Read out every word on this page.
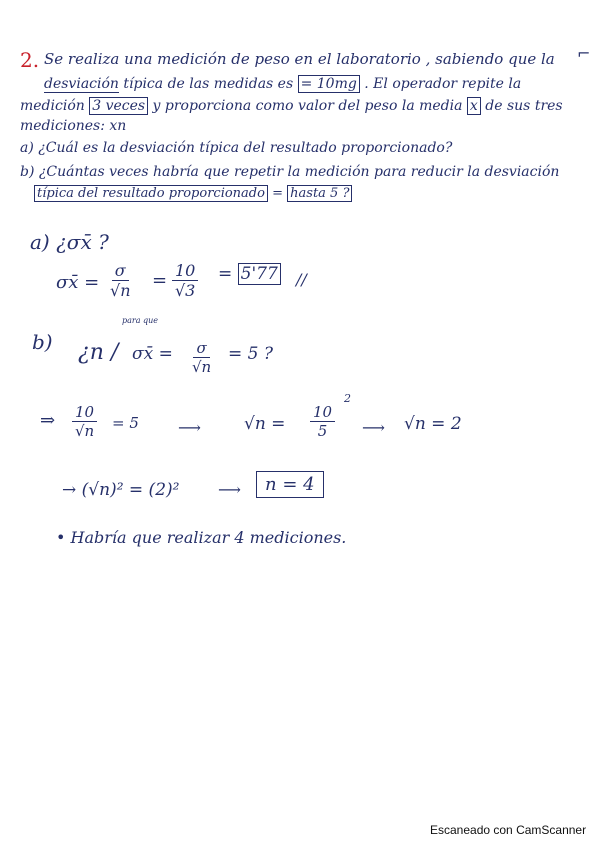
2. Se realiza una medición de peso en el laboratorio , sabiendo que la ⌐
desviación típica de las medidas es = 10mg . El operador repite la
medición 3 veces y proporciona como valor del peso la media $\overline{x}$ de sus tres
mediciones: xn
a) ¿Cuál es la desviación típica del resultado proporcionado?
b) ¿Cuántas veces habría que repetir la medición para reducir la desviación
típica del resultado proporcionado = hasta 5 ?
a) ¿σx̄ ?
σx̄ = $\frac{\sigma}{√n} = \frac{10}{√3} = 5'77$ //
b)
para que
¿n / σx̄ = $\frac{\sigma}{√n} = 5$ ?
⇒ $\frac{10}{√n} = 5$ ⟶	$√n = \frac{10}{5}$
2
⟶ √n = 2
→ (√n)² = (2)² ⟶	n = 4
• Habría que realizar 4 mediciones.
Escaneado con CamScanner
